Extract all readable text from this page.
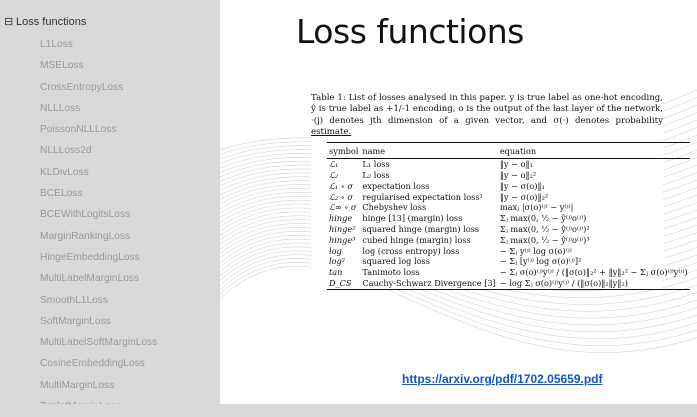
⊟ Loss functions
L1Loss
MSELoss
CrossEntropyLoss
NLLLoss
PoissonNLLLoss
NLLLoss2d
KLDivLoss
BCELoss
BCEWithLogitsLoss
MarginRankingLoss
HingeEmbeddingLoss
MultiLabelMarginLoss
SmoothL1Loss
SoftMarginLoss
MultiLabelSoftMarginLoss
CosineEmbeddingLoss
MultiMarginLoss
Loss functions
Table 1: List of losses analysed in this paper. y is true label as one-hot encoding, ŷ is true label as +1/-1 encoding, o is the output of the last layer of the network, ·(j) denotes jth dimension of a given vector, and σ(·) denotes probability estimate.
symbol	name	equation
ℒ₁	L₁ loss	‖y − o‖₁
ℒ₂	L₂ loss	‖y − o‖₂²
ℒ₁ ∘ σ	expectation loss	‖y − σ(o)‖₁
ℒ₂ ∘ σ	regularised expectation loss¹	‖y − σ(o)‖₂²
ℒ∞ ∘ σ	Chebyshev loss	maxⱼ |σ(o)⁽ʲ⁾ − y⁽ʲ⁾|
hinge	hinge [13] (margin) loss	Σⱼ max(0, ½ − ŷ⁽ʲ⁾o⁽ʲ⁾)
hinge²	squared hinge (margin) loss	Σⱼ max(0, ½ − ŷ⁽ʲ⁾o⁽ʲ⁾)²
hinge³	cubed hinge (margin) loss	Σⱼ max(0, ½ − ŷ⁽ʲ⁾o⁽ʲ⁾)³
log	log (cross entropy) loss	− Σⱼ y⁽ʲ⁾ log σ(o)⁽ʲ⁾
log²	squared log loss	− Σⱼ [y⁽ʲ⁾ log σ(o)⁽ʲ⁾]²
tan	Tanimoto loss	− Σⱼ σ(o)⁽ʲ⁾y⁽ʲ⁾ / (‖σ(o)‖₂² + ‖y‖₂² − Σⱼ σ(o)⁽ʲ⁾y⁽ʲ⁾)
D_CS	Cauchy-Schwarz Divergence [3]	− log Σⱼ σ(o)⁽ʲ⁾y⁽ʲ⁾ / (‖σ(o)‖₂‖y‖₂)
https://arxiv.org/pdf/1702.05659.pdf
